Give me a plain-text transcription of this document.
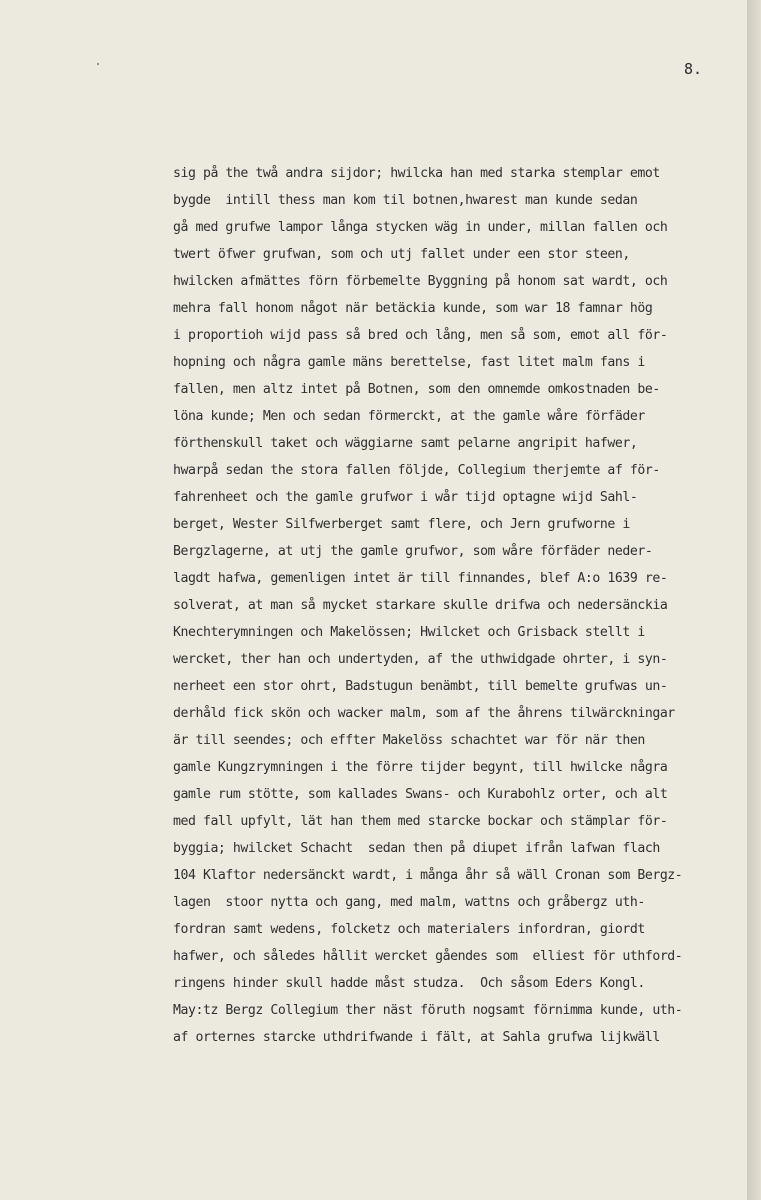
8.
sig på the twå andra sijdor; hwilcka han med starka stemplar emot
bygde  intill thess man kom til botnen,hwarest man kunde sedan
gå med grufwe lampor långa stycken wäg in under, millan fallen och
twert öfwer grufwan, som och utj fallet under een stor steen,
hwilcken afmättes förn förbemelte Byggning på honom sat wardt, och
mehra fall honom något när betäckia kunde, som war 18 famnar hög
i proportioh wijd pass så bred och lång, men så som, emot all för-
hopning och några gamle mäns berettelse, fast litet malm fans i
fallen, men altz intet på Botnen, som den omnemde omkostnaden be-
löna kunde; Men och sedan förmerckt, at the gamle wåre förfäder
förthenskull taket och wäggiarne samt pelarne angripit hafwer,
hwarpå sedan the stora fallen följde, Collegium therjemte af för-
fahrenheet och the gamle grufwor i wår tijd optagne wijd Sahl-
berget, Wester Silfwerberget samt flere, och Jern grufworne i
Bergzlagerne, at utj the gamle grufwor, som wåre förfäder neder-
lagdt hafwa, gemenligen intet är till finnandes, blef A:o 1639 re-
solverat, at man så mycket starkare skulle drifwa och nedersänckia
Knechterymningen och Makelössen; Hwilcket och Grisback stellt i
wercket, ther han och undertyden, af the uthwidgade ohrter, i syn-
nerheet een stor ohrt, Badstugun benämbt, till bemelte grufwas un-
derhåld fick skön och wacker malm, som af the åhrens tilwärckningar
är till seendes; och effter Makelöss schachtet war för när then
gamle Kungzrymningen i the förre tijder begynt, till hwilcke några
gamle rum stötte, som kallades Swans- och Kurabohlz orter, och alt
med fall upfylt, lät han them med starcke bockar och stämplar för-
byggia; hwilcket Schacht  sedan then på diupet ifrån lafwan flach
104 Klaftor nedersänckt wardt, i många åhr så wäll Cronan som Bergz-
lagen  stoor nytta och gang, med malm, wattns och gråbergz uth-
fordran samt wedens, folcketz och materialers infordran, giordt
hafwer, och således hållit wercket gåendes som  elliest för uthford-
ringens hinder skull hadde måst studza.  Och såsom Eders Kongl.
May:tz Bergz Collegium ther näst föruth nogsamt förnimma kunde, uth-
af orternes starcke uthdrifwande i fält, at Sahla grufwa lijkwäll
